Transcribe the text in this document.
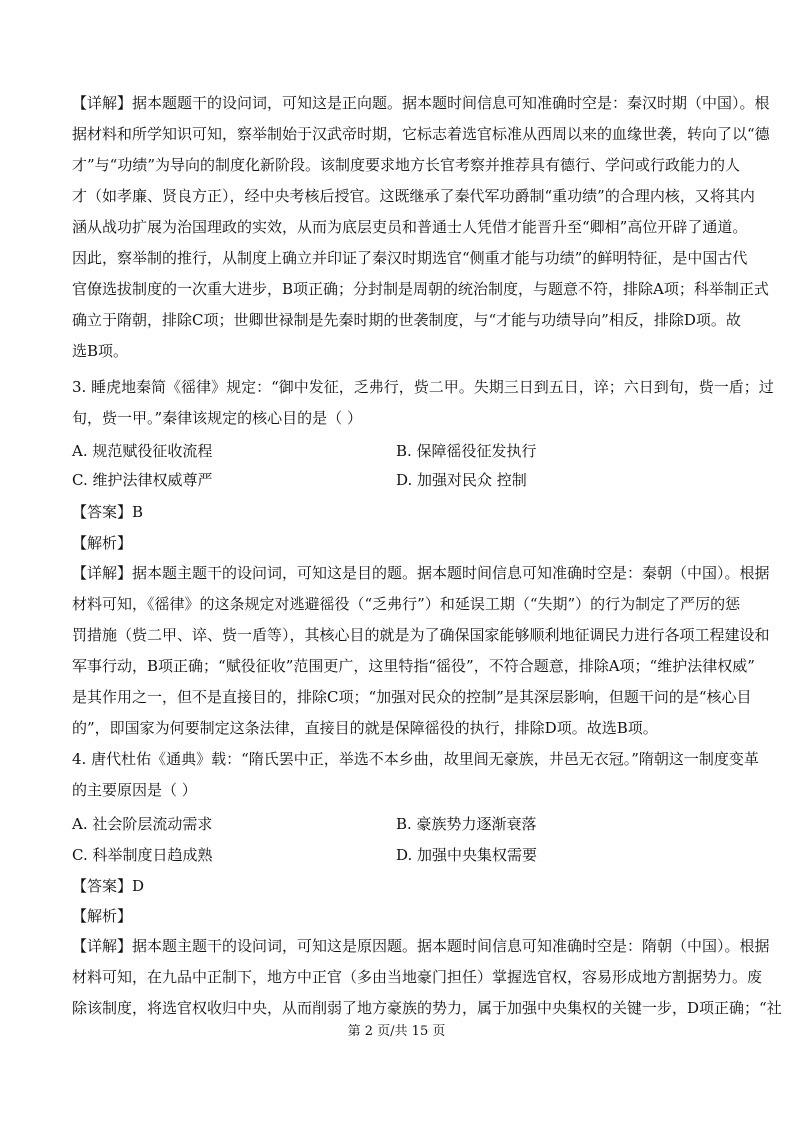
【详解】据本题题干的设问词，可知这是正向题。据本题时间信息可知准确时空是：秦汉时期（中国）。根
据材料和所学知识可知，察举制始于汉武帝时期，它标志着选官标准从西周以来的血缘世袭，转向了以“德
才”与“功绩”为导向的制度化新阶段。该制度要求地方长官考察并推荐具有德行、学问或行政能力的人
才（如孝廉、贤良方正），经中央考核后授官。这既继承了秦代军功爵制“重功绩”的合理内核，又将其内
涵从战功扩展为治国理政的实效，从而为底层吏员和普通士人凭借才能晋升至“卿相”高位开辟了通道。
因此，察举制的推行，从制度上确立并印证了秦汉时期选官“侧重才能与功绩”的鲜明特征，是中国古代
官僚选拔制度的一次重大进步，B项正确；分封制是周朝的统治制度，与题意不符，排除A项；科举制正式
确立于隋朝，排除C项；世卿世禄制是先秦时期的世袭制度，与“才能与功绩导向”相反，排除D项。故
选B项。
3. 睡虎地秦简《徭律》规定：“御中发征，乏弗行，赀二甲。失期三日到五日，谇；六日到旬，赀一盾；过
旬，赀一甲。”秦律该规定的核心目的是（ ）
A. 规范赋役征收流程	B. 保障徭役征发执行
C. 维护法律权威尊严	D. 加强对民众 控制
【答案】B
【解析】
【详解】据本题主题干的设问词，可知这是目的题。据本题时间信息可知准确时空是：秦朝（中国）。根据
材料可知，《徭律》的这条规定对逃避徭役（“乏弗行”）和延误工期（“失期”）的行为制定了严厉的惩
罚措施（赀二甲、谇、赀一盾等），其核心目的就是为了确保国家能够顺利地征调民力进行各项工程建设和
军事行动，B项正确；“赋役征收”范围更广，这里特指“徭役”，不符合题意，排除A项；“维护法律权威”
是其作用之一，但不是直接目的，排除C项；“加强对民众的控制”是其深层影响，但题干问的是“核心目
的”，即国家为何要制定这条法律，直接目的就是保障徭役的执行，排除D项。故选B项。
4. 唐代杜佑《通典》载：“隋氏罢中正，举选不本乡曲，故里闾无豪族，井邑无衣冠。”隋朝这一制度变革
的主要原因是（ ）
A. 社会阶层流动需求	B. 豪族势力逐渐衰落
C. 科举制度日趋成熟	D. 加强中央集权需要
【答案】D
【解析】
【详解】据本题主题干的设问词，可知这是原因题。据本题时间信息可知准确时空是：隋朝（中国）。根据
材料可知，在九品中正制下，地方中正官（多由当地豪门担任）掌握选官权，容易形成地方割据势力。废
除该制度，将选官权收归中央，从而削弱了地方豪族的势力，属于加强中央集权的关键一步，D项正确；“社
第 2 页/共 15 页
